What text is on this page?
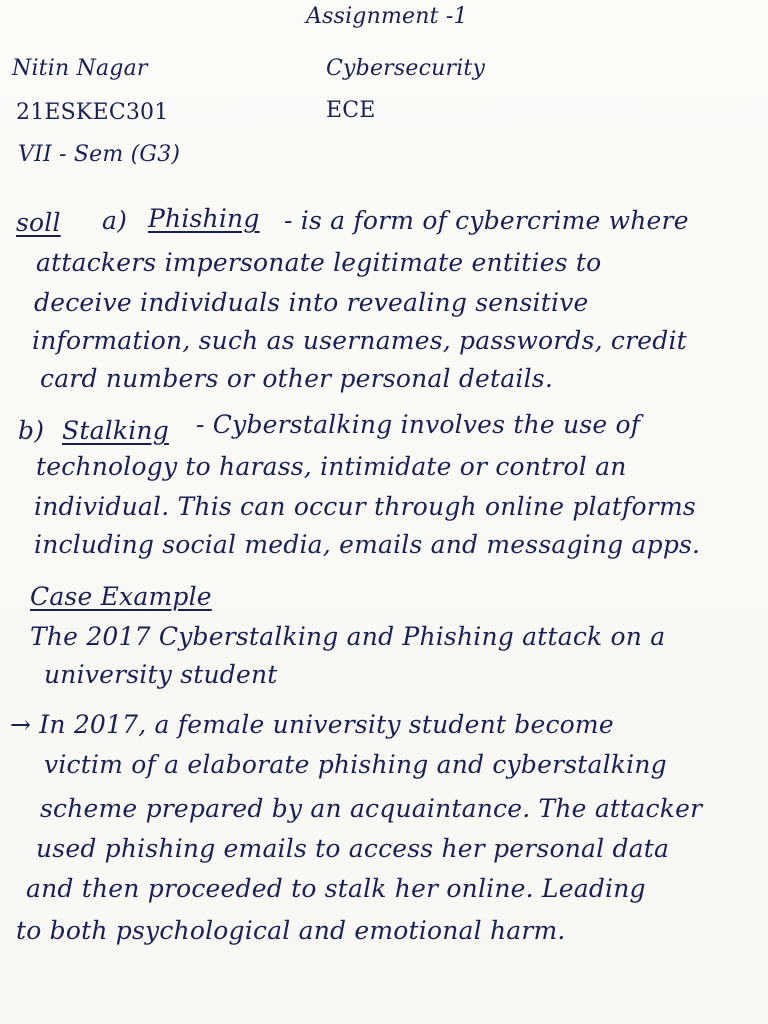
Assignment -1
Nitin Nagar	Cybersecurity
21ESKEC301	ECE
VII - Sem (G3)
soll a) Phishing - is a form of cybercrime where
attackers impersonate legitimate entities to
deceive individuals into revealing sensitive
information, such as usernames, passwords, credit
card numbers or other personal details.
b) Stalking - Cyberstalking involves the use of
technology to harass, intimidate or control an
individual. This can occur through online platforms
including social media, emails and messaging apps.
Case Example
The 2017 Cyberstalking and Phishing attack on a
university student
→ In 2017, a female university student become
victim of a elaborate phishing and cyberstalking
scheme prepared by an acquaintance. The attacker
used phishing emails to access her personal data
and then proceeded to stalk her online. Leading
to both psychological and emotional harm.
